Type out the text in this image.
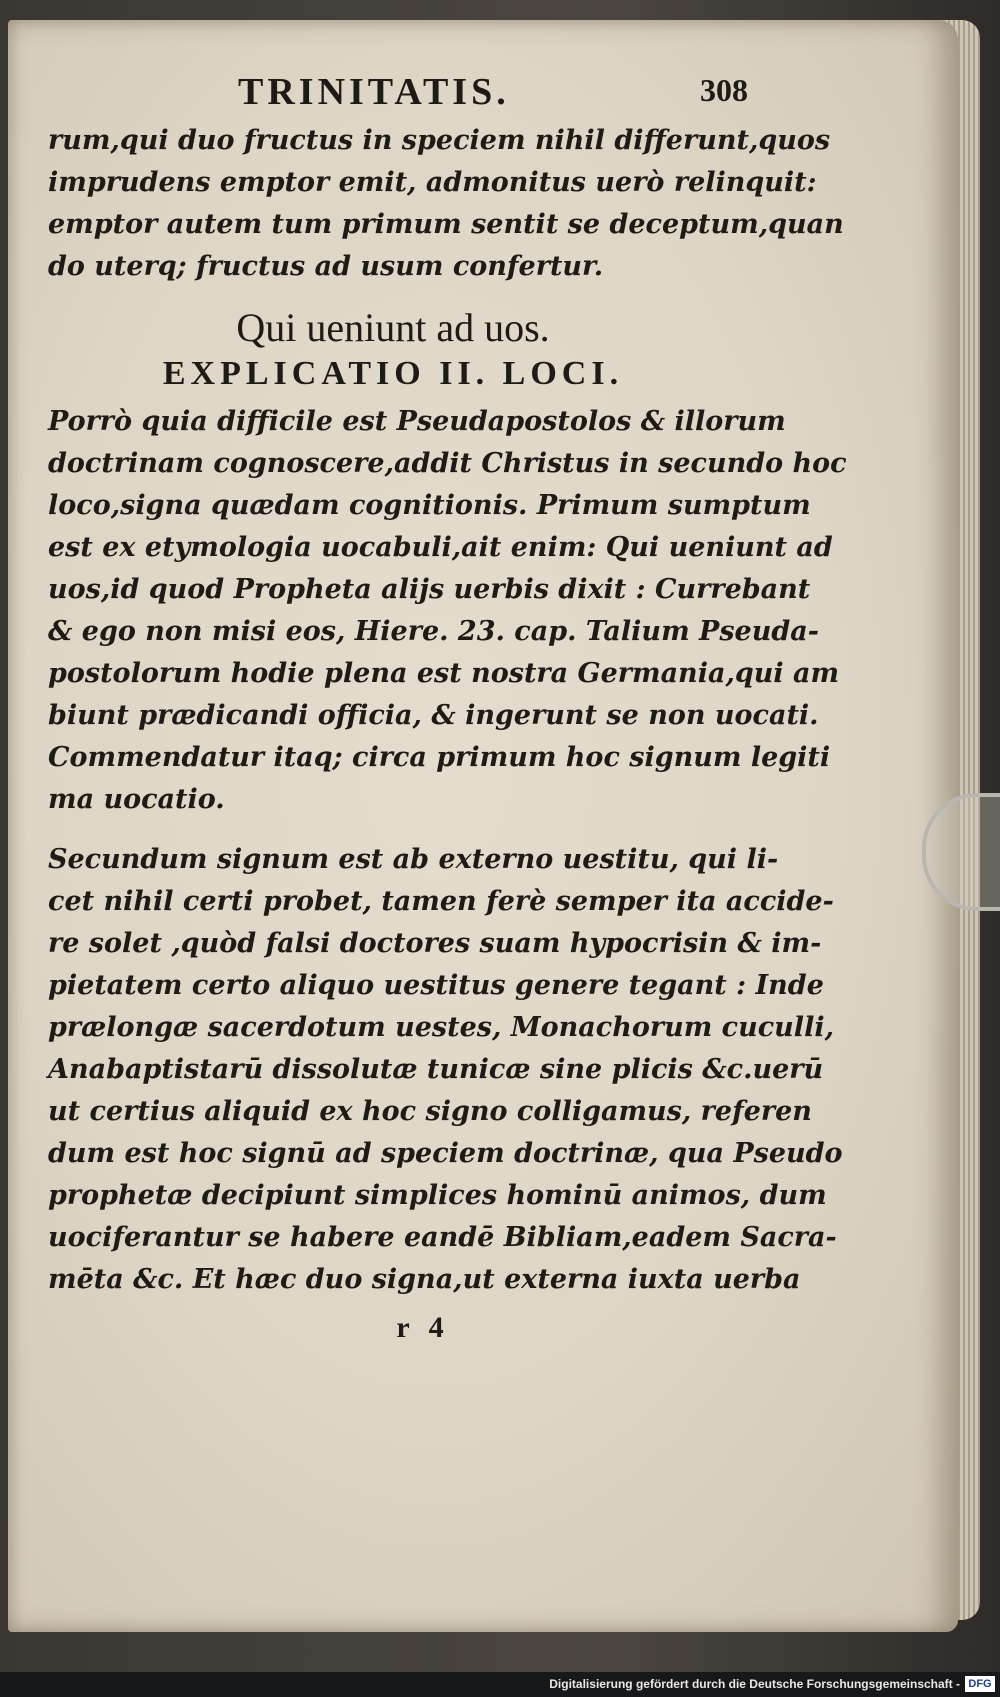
TRINITATIS.	308

rum,qui duo fructus in speciem nihil differunt,quos
imprudens emptor emit, admonitus uerò relinquit:
emptor autem tum primum sentit se deceptum,quan
do uterq; fructus ad usum confertur.

Qui ueniunt ad uos.
EXPLICATIO II. LOCI.

Porrò quia difficile est Pseudapostolos & illorum
doctrinam cognoscere,addit Christus in secundo hoc
loco,signa quædam cognitionis. Primum sumptum
est ex etymologia uocabuli,ait enim: Qui ueniunt ad
uos,id quod Propheta alijs uerbis dixit : Currebant
& ego non misi eos, Hiere. 23. cap. Talium Pseuda-
postolorum hodie plena est nostra Germania,qui am
biunt prædicandi officia, & ingerunt se non uocati.
Commendatur itaq; circa primum hoc signum legiti
ma uocatio.

Secundum signum est ab externo uestitu, qui li-
cet nihil certi probet, tamen ferè semper ita accide-
re solet ,quòd falsi doctores suam hypocrisin & im-
pietatem certo aliquo uestitus genere tegant : Inde
prælongæ sacerdotum uestes, Monachorum cuculli,
Anabaptistarū dissolutæ tunicæ sine plicis &c.uerū
ut certius aliquid ex hoc signo colligamus, referen
dum est hoc signū ad speciem doctrinæ, qua Pseudo
prophetæ decipiunt simplices hominū animos, dum
uociferantur se habere eandē Bibliam,eadem Sacra-
mēta &c. Et hæc duo signa,ut externa iuxta uerba

r 4
Digitalisierung gefördert durch die Deutsche Forschungsgemeinschaft - DFG
